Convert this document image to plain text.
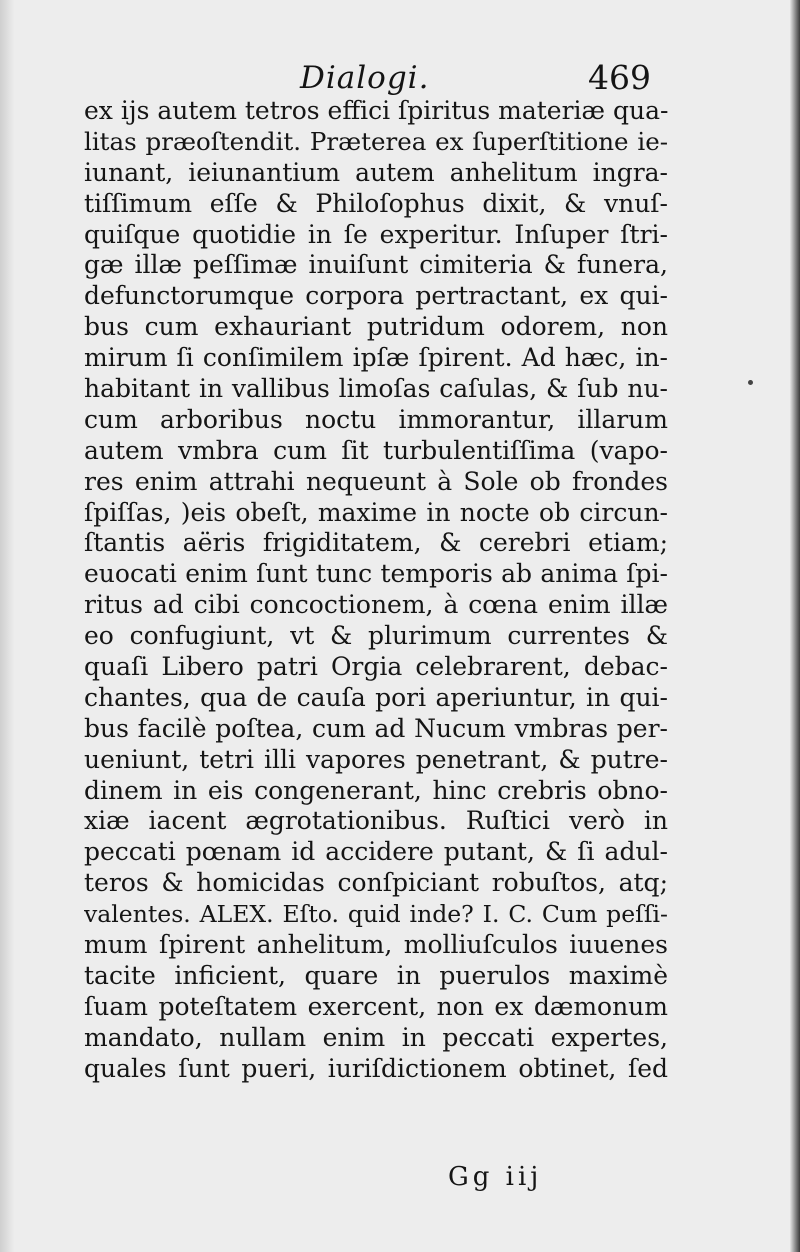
Dialogi.	469
ex ijs autem tetros effici ſpiritus materiæ qua-
litas præoſtendit. Præterea ex ſuperſtitione ie-
iunant, ieiunantium autem anhelitum ingra-
tiſſimum eſſe & Philoſophus dixit, & vnuſ-
quiſque quotidie in ſe experitur. Inſuper ſtri-
gæ illæ peſſimæ inuiſunt cimiteria & funera,
defunctorumque corpora pertractant, ex qui-
bus cum exhauriant putridum odorem, non
mirum ſi conſimilem ipſæ ſpirent. Ad hæc, in-
habitant in vallibus limoſas caſulas, & ſub nu-
cum arboribus noctu immorantur, illarum
autem vmbra cum ſit turbulentiſſima (vapo-
res enim attrahi nequeunt à Sole ob frondes
ſpiſſas, )eis obeſt, maxime in nocte ob circun-
ſtantis aëris frigiditatem, & cerebri etiam;
euocati enim ſunt tunc temporis ab anima ſpi-
ritus ad cibi concoctionem, à cœna enim illæ
eo confugiunt, vt & plurimum currentes &
quaſi Libero patri Orgia celebrarent, debac-
chantes, qua de cauſa pori aperiuntur, in qui-
bus facilè poſtea, cum ad Nucum vmbras per-
ueniunt, tetri illi vapores penetrant, & putre-
dinem in eis congenerant, hinc crebris obno-
xiæ iacent ægrotationibus. Ruſtici verò in
peccati pœnam id accidere putant, & ſi adul-
teros & homicidas conſpiciant robuſtos, atq;
valentes. ALEX. Eſto. quid inde? I. C. Cum peſſi-
mum ſpirent anhelitum, molliuſculos iuuenes
tacite inficient, quare in puerulos maximè
ſuam poteſtatem exercent, non ex dæmonum
mandato, nullam enim in peccati expertes,
quales ſunt pueri, iuriſdictionem obtinet, ſed
Gg iij
